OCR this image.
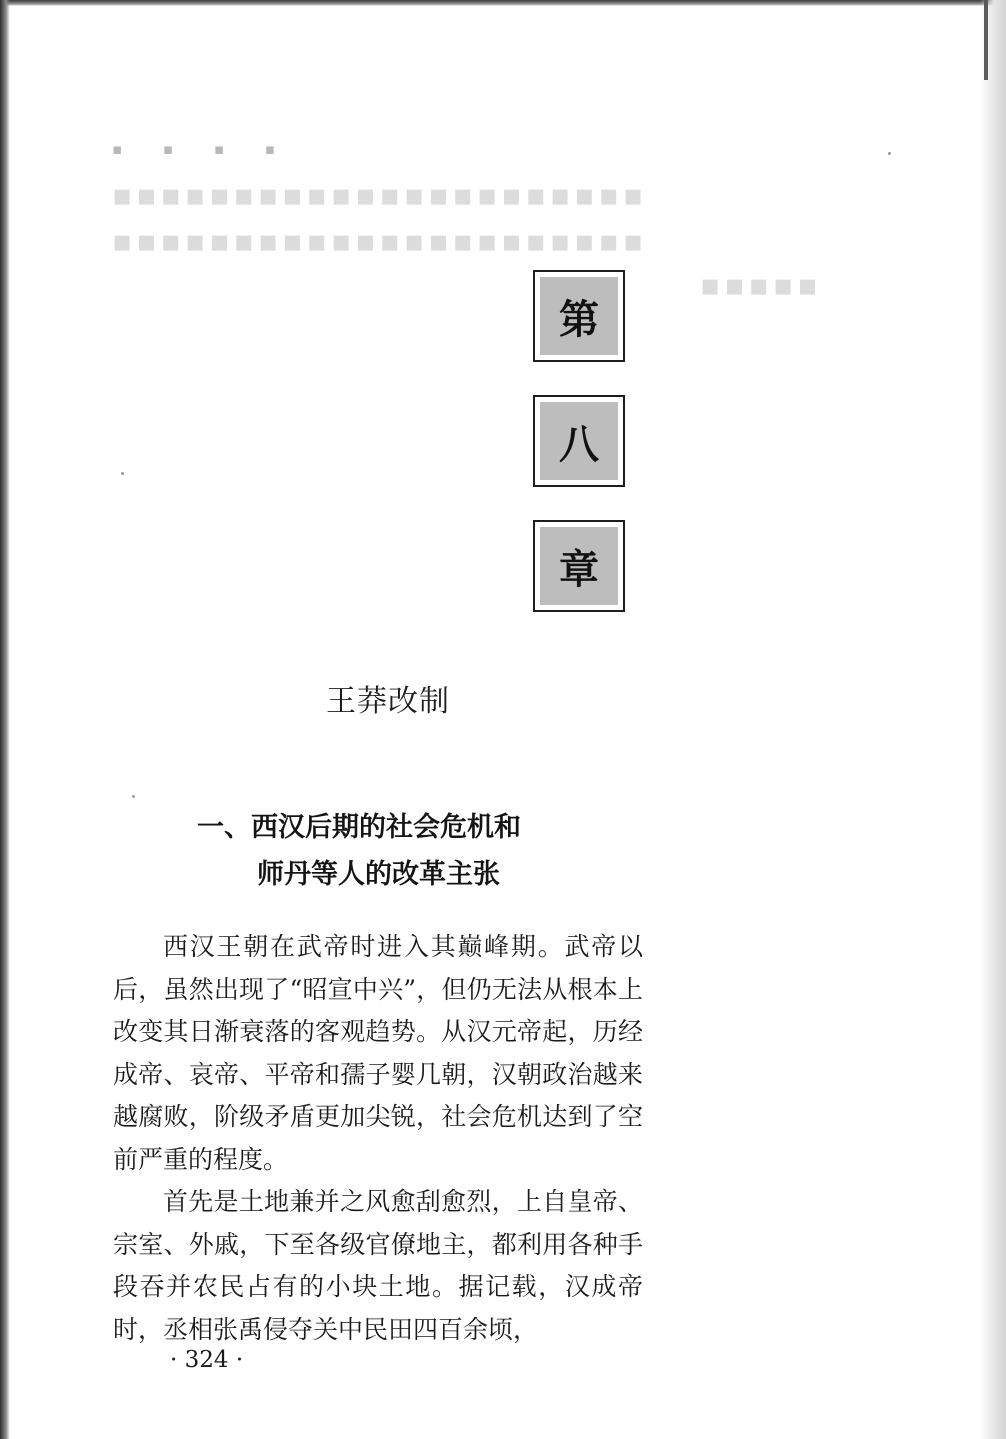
▪ ▪ ▪ ▪
▪▪▪▪▪▪▪▪▪▪▪▪▪▪▪▪▪▪▪▪▪▪
▪▪▪▪▪▪▪▪▪▪▪▪▪▪▪▪▪▪▪▪▪▪
▪▪▪▪▪
第
八
章
王莽改制
一、西汉后期的社会危机和
师丹等人的改革主张

西汉王朝在武帝时进入其巅峰期。武帝以后，虽然出现了“昭宣中兴”，但仍无法从根本上改变其日渐衰落的客观趋势。从汉元帝起，历经成帝、哀帝、平帝和孺子婴几朝，汉朝政治越来越腐败，阶级矛盾更加尖锐，社会危机达到了空前严重的程度。

首先是土地兼并之风愈刮愈烈，上自皇帝、宗室、外戚，下至各级官僚地主，都利用各种手段吞并农民占有的小块土地。据记载，汉成帝时，丞相张禹侵夺关中民田四百余顷，

· 324 ·
